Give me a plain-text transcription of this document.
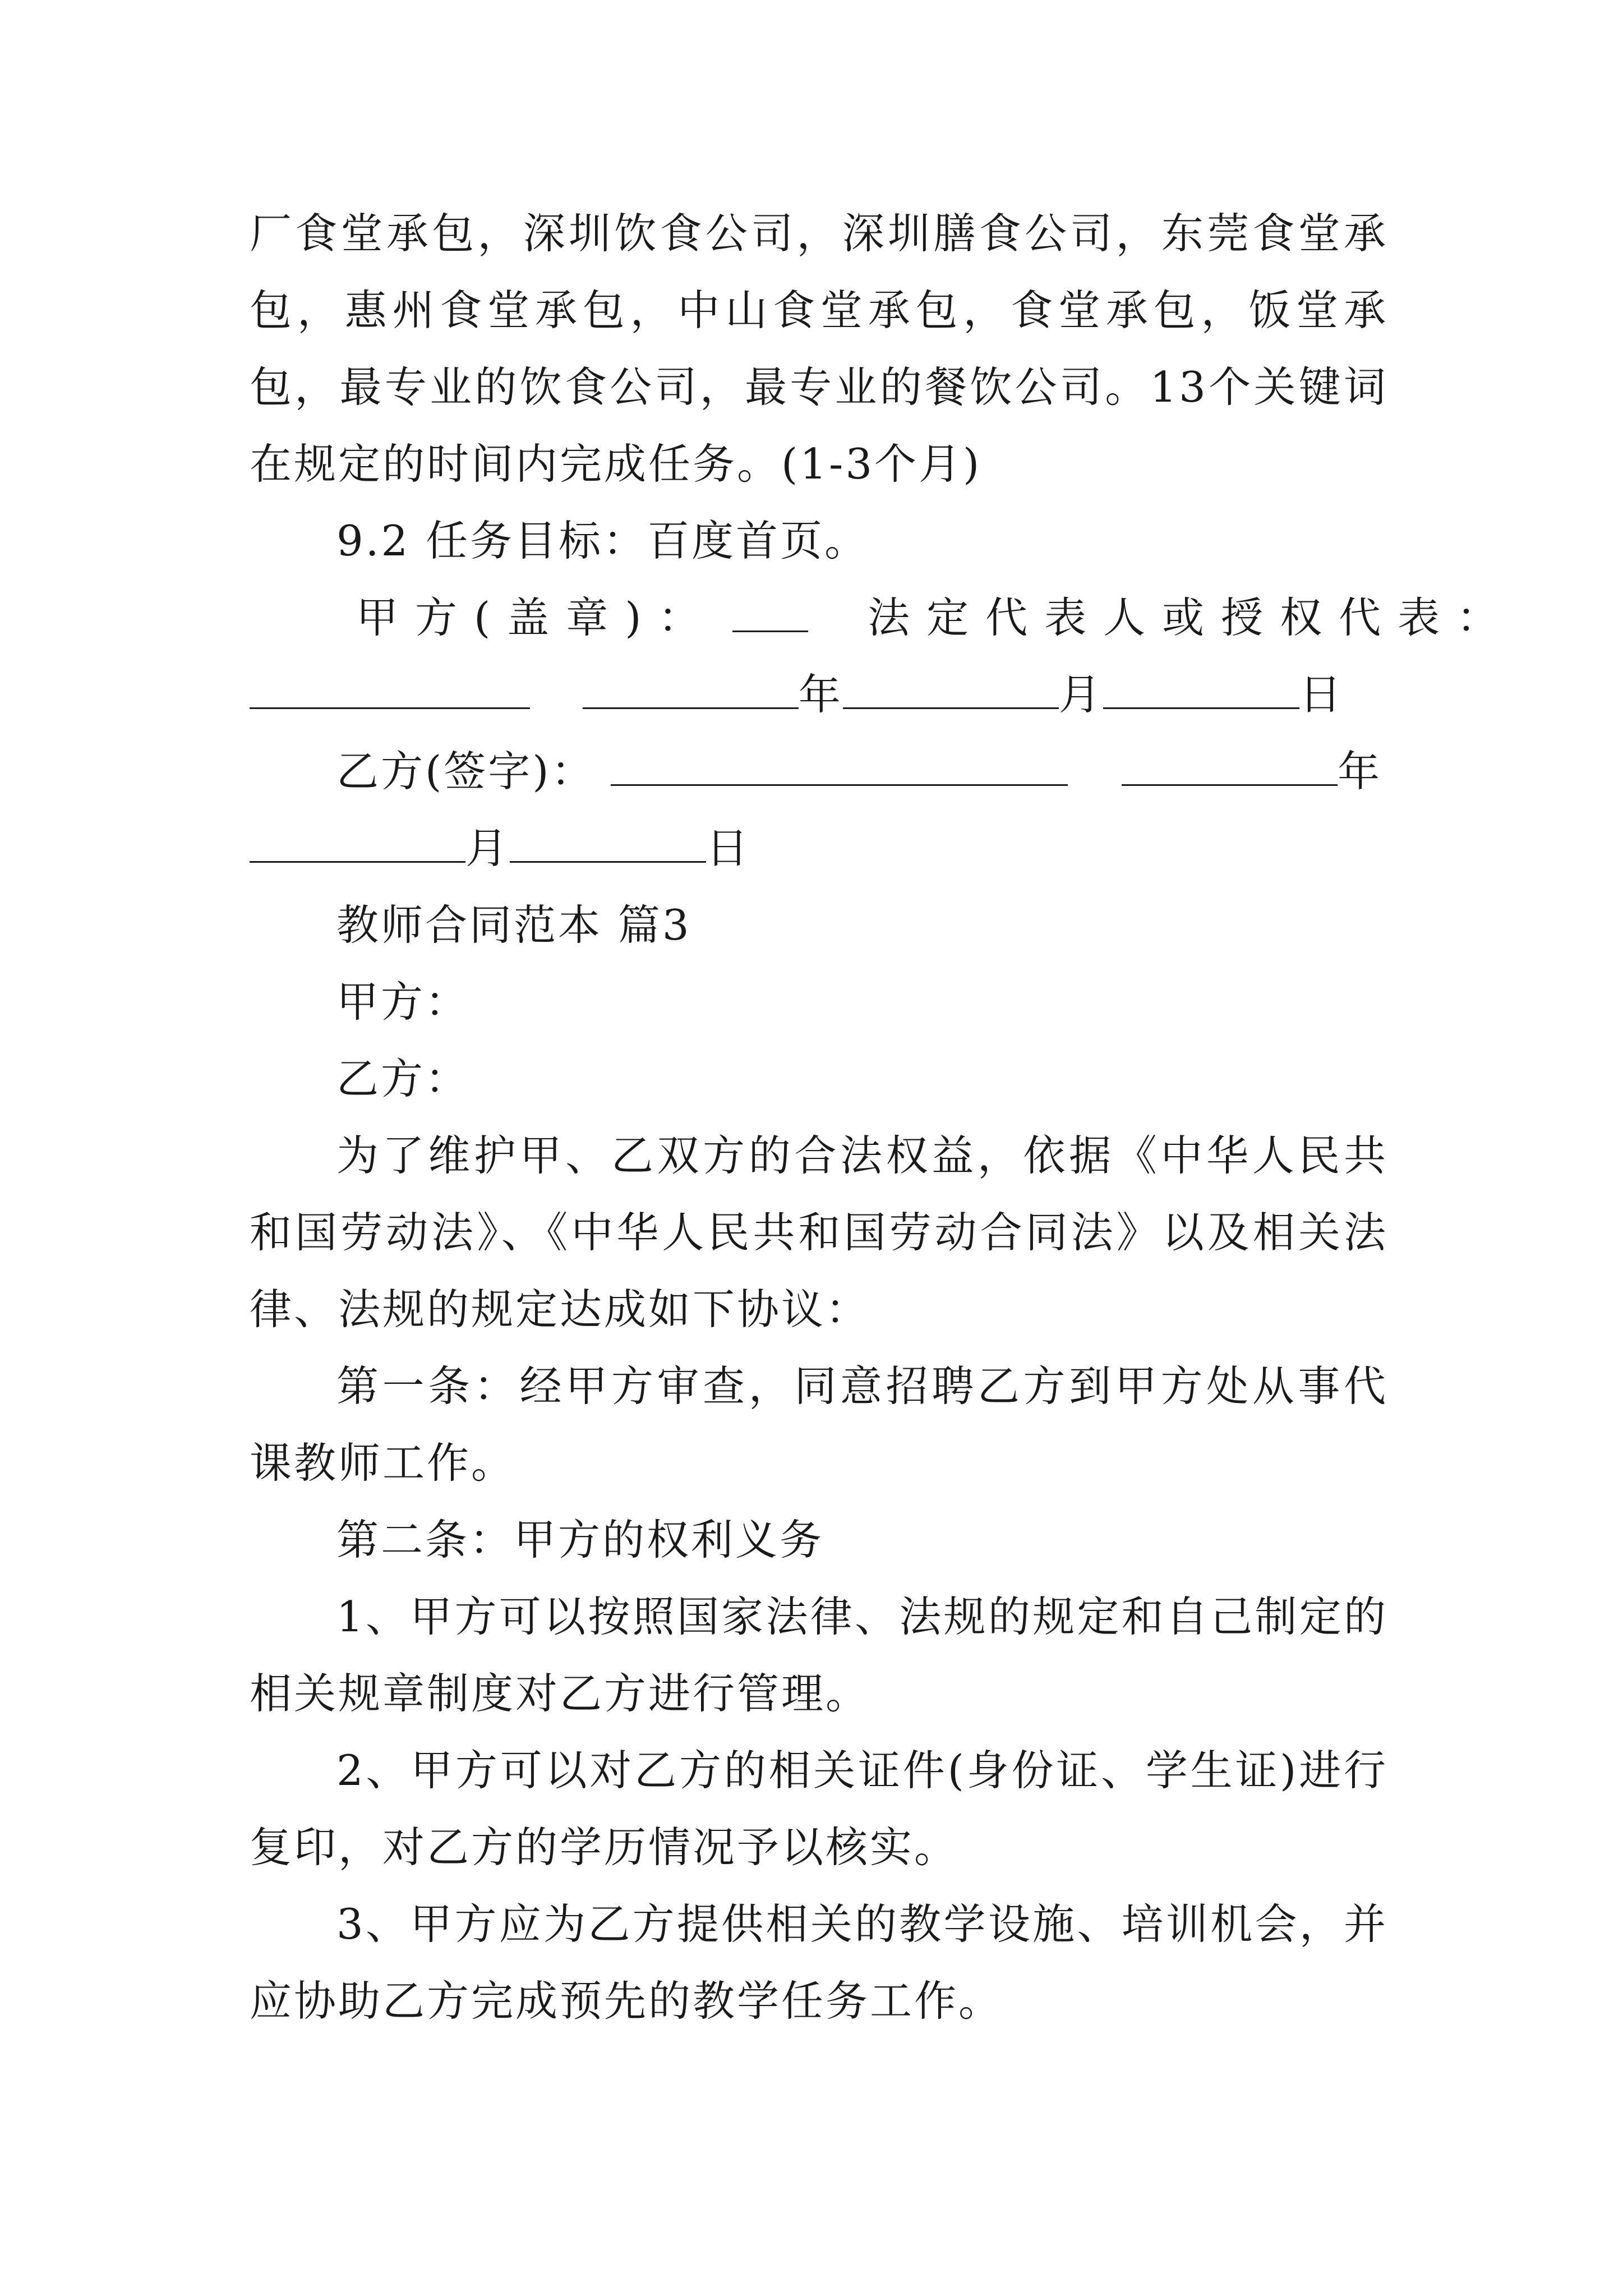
厂食堂承包，深圳饮食公司，深圳膳食公司，东莞食堂承包，惠州食堂承包，中山食堂承包，食堂承包，饭堂承包，最专业的饮食公司，最专业的餐饮公司。13个关键词在规定的时间内完成任务。(1-3个月)

9.2 任务目标：百度首页。

甲方(盖章)：	法定代表人或授权代表：

年	月	日

乙方(签字)：	年

月	日

教师合同范本 篇3

甲方：

乙方：

为了维护甲、乙双方的合法权益，依据《中华人民共和国劳动法》、《中华人民共和国劳动合同法》以及相关法律、法规的规定达成如下协议：

第一条：经甲方审查，同意招聘乙方到甲方处从事代课教师工作。

第二条：甲方的权利义务

1、甲方可以按照国家法律、法规的规定和自己制定的相关规章制度对乙方进行管理。

2、甲方可以对乙方的相关证件(身份证、学生证)进行复印，对乙方的学历情况予以核实。

3、甲方应为乙方提供相关的教学设施、培训机会，并应协助乙方完成预先的教学任务工作。
